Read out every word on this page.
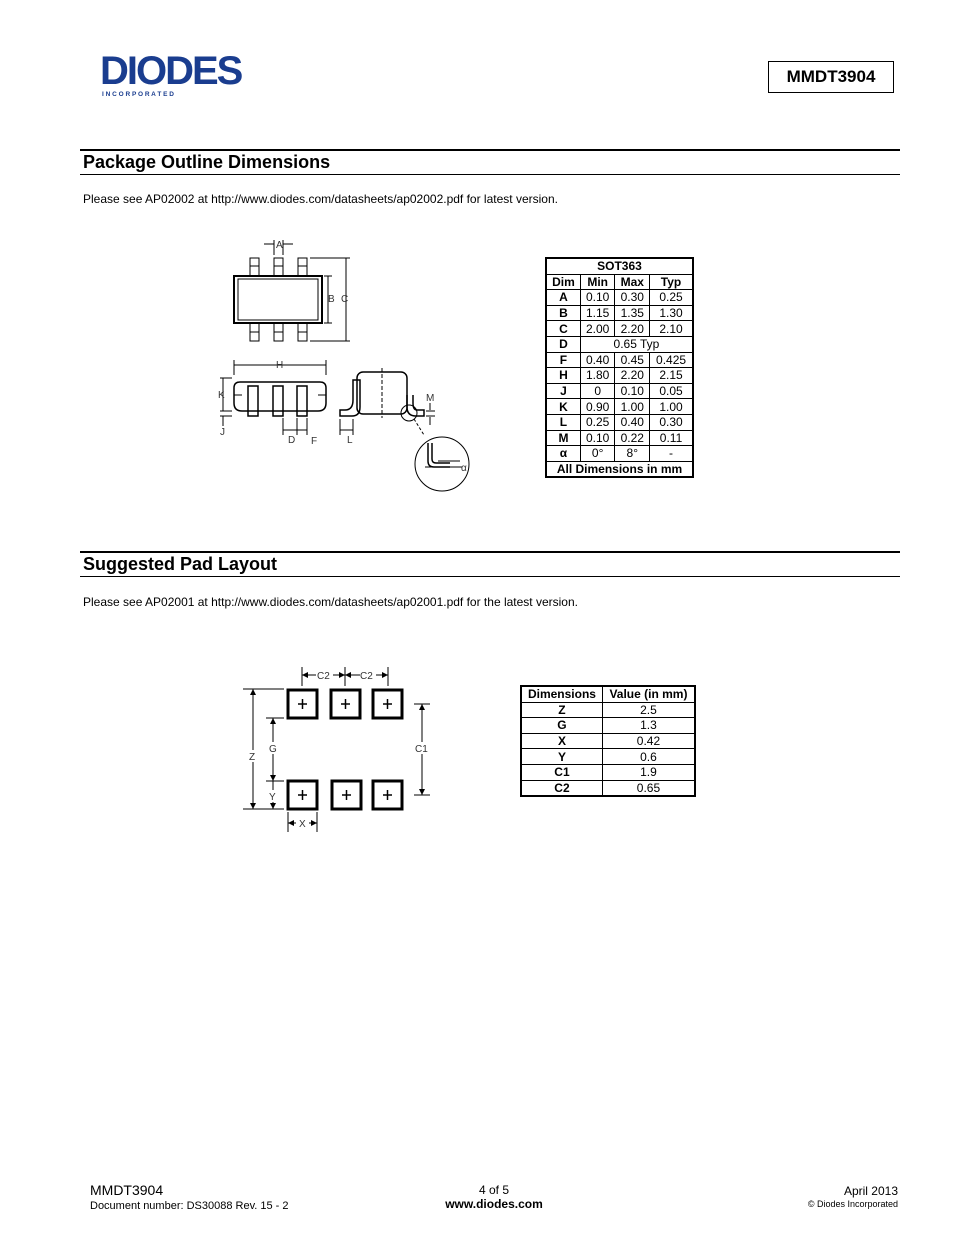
DIODES
I N C O R P O R A T E D
MMDT3904
Package Outline Dimensions
Please see AP02002 at http://www.diodes.com/datasheets/ap02002.pdf for latest version.
A
B C
H
K
J
D F	L
M
α
SOT363			
Dim	Min	Max	Typ
A	0.10	0.30	0.25
B	1.15	1.35	1.30
C	2.00	2.20	2.10
D	0.65 Typ		
F	0.40	0.45	0.425
H	1.80	2.20	2.15
J	0	0.10	0.05
K	0.90	1.00	1.00
L	0.25	0.40	0.30
M	0.10	0.22	0.11
α	0°	8°	-
All Dimensions in mm			
Suggested Pad Layout
Please see AP02001 at http://www.diodes.com/datasheets/ap02001.pdf for the latest version.
C2	C2
Z
G
Y
C1
X
Dimensions	Value (in mm)
Z	2.5
G	1.3
X	0.42
Y	0.6
C1	1.9
C2	0.65
MMDT3904
Document number: DS30088 Rev. 15 - 2
4 of 5
www.diodes.com
April 2013
© Diodes Incorporated
